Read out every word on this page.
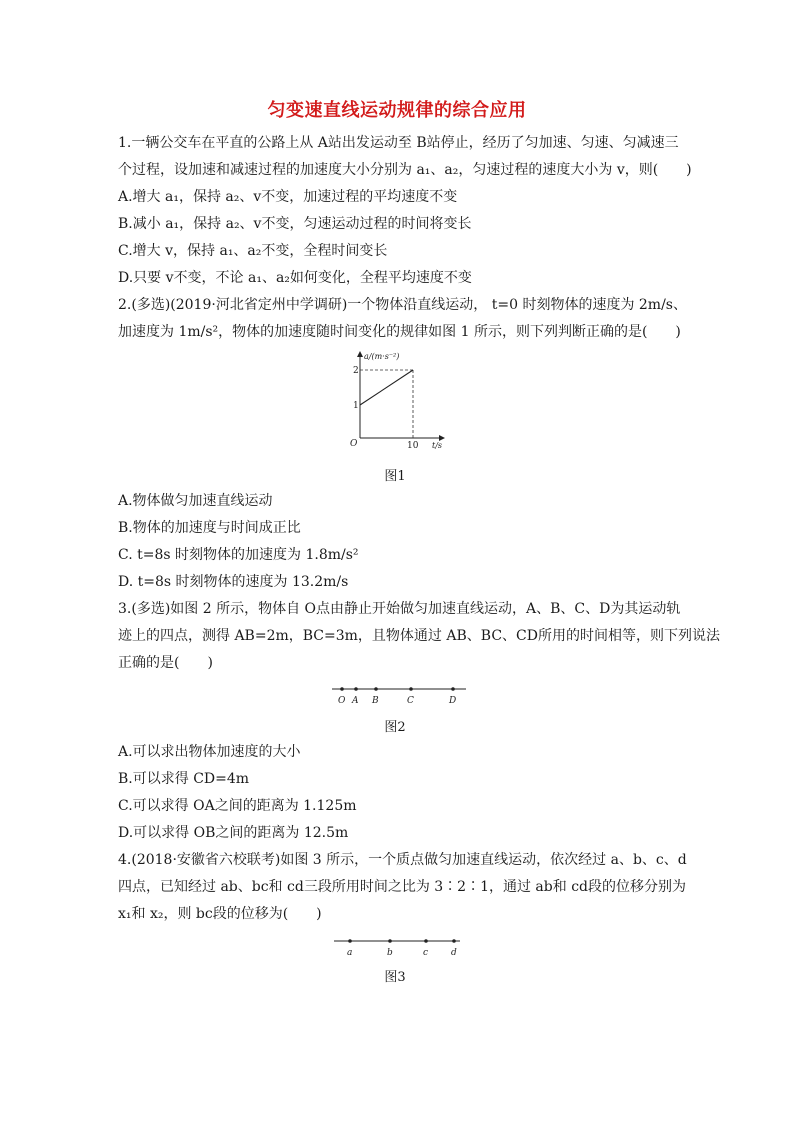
匀变速直线运动规律的综合应用
1.一辆公交车在平直的公路上从 A站出发运动至 B站停止，经历了匀加速、匀速、匀减速三
个过程，设加速和减速过程的加速度大小分别为 a₁、a₂，匀速过程的速度大小为 v，则(　　)
A.增大 a₁，保持 a₂、v不变，加速过程的平均速度不变
B.减小 a₁，保持 a₂、v不变，匀速运动过程的时间将变长
C.增大 v，保持 a₁、a₂不变，全程时间变长
D.只要 v不变，不论 a₁、a₂如何变化，全程平均速度不变
2.(多选)(2019·河北省定州中学调研)一个物体沿直线运动， t=0 时刻物体的速度为 2m/s、
加速度为 1m/s²，物体的加速度随时间变化的规律如图 1 所示，则下列判断正确的是(　　)
a/(m·s⁻²)
t/s
O
1
2
10
图1
A.物体做匀加速直线运动
B.物体的加速度与时间成正比
C. t=8s 时刻物体的加速度为 1.8m/s²
D. t=8s 时刻物体的速度为 13.2m/s
3.(多选)如图 2 所示，物体自 O点由静止开始做匀加速直线运动，A、B、C、D为其运动轨
迹上的四点，测得 AB=2m，BC=3m，且物体通过 AB、BC、CD所用的时间相等，则下列说法
正确的是(　　)
O A B	C	D
图2
A.可以求出物体加速度的大小
B.可以求得 CD=4m
C.可以求得 OA之间的距离为 1.125m
D.可以求得 OB之间的距离为 12.5m
4.(2018·安徽省六校联考)如图 3 所示，一个质点做匀加速直线运动，依次经过 a、b、c、d
四点，已知经过 ab、bc和 cd三段所用时间之比为 3∶2∶1，通过 ab和 cd段的位移分别为
x₁和 x₂，则 bc段的位移为(　　)
a	b	c	d
图3
